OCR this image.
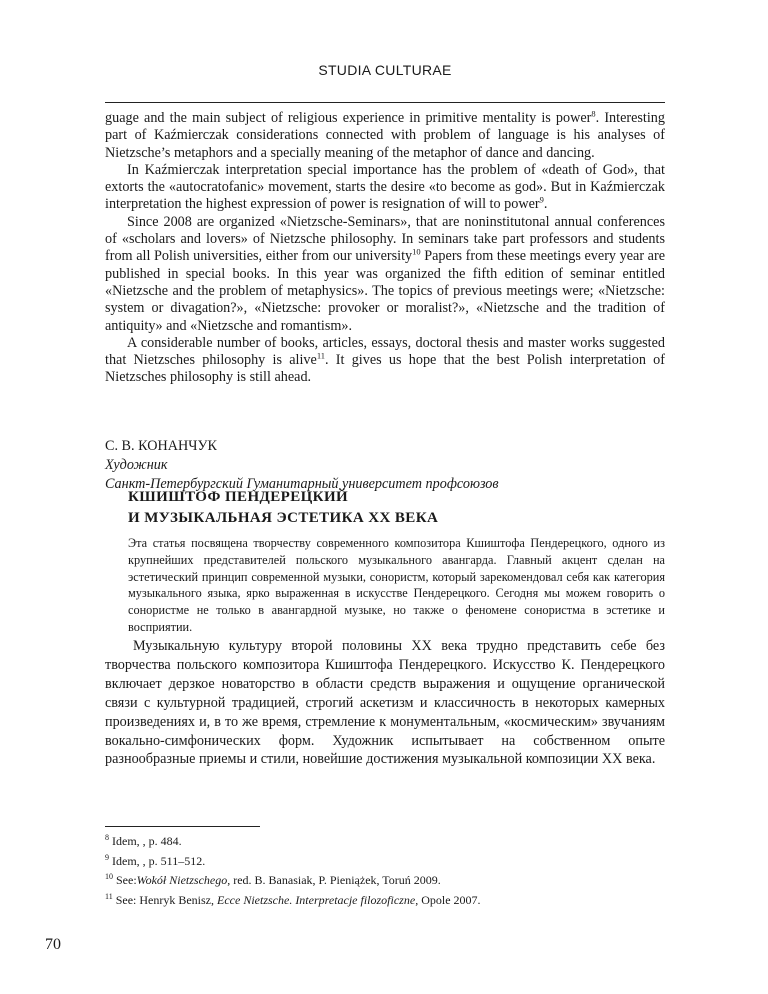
STUDIA CULTURAE

guage and the main subject of religious experience in primitive mentality is power$^8$. Interesting part of Kaźmierczak considerations connected with problem of language is his analyses of Nietzsche’s metaphors and a specially meaning of the metaphor of dance and dancing.

In Kaźmierczak interpretation special importance has the problem of «death of God», that extorts the «autocratofanic» movement, starts the desire «to become as god». But in Kaźmierczak interpretation the highest expression of power is resignation of will to power$^9$.

Since 2008 are organized «Nietzsche-Seminars», that are noninstitutonal annual conferences of «scholars and lovers» of Nietzsche philosophy. In seminars take part professors and students from all Polish universities, either from our university$^{10}$ Papers from these meetings every year are published in special books. In this year was organized the fifth edition of seminar entitled «Nietzsche and the problem of metaphysics». The topics of previous meetings were; «Nietzsche: system or divagation?», «Nietzsche: provoker or moralist?», «Nietzsche and the tradition of antiquity» and «Nietzsche and romantism».

A considerable number of books, articles, essays, doctoral thesis and master works suggested that Nietzsches philosophy is alive$^{11}$. It gives us hope that the best Polish interpretation of Nietzsches philosophy is still ahead.

С. В. КОНАНЧУК
Художник
Санкт-Петербургский Гуманитарный университет профсоюзов
КШИШТОФ ПЕНДЕРЕЦКИЙ
И МУЗЫКАЛЬНАЯ ЭСТЕТИКА XX ВЕКА
Эта статья посвящена творчеству современного композитора Кшиштофа Пендерецкого, одного из крупнейших представителей польского музыкального авангарда. Главный акцент сделан на эстетический принцип современной музыки, сонористм, который зарекомендовал себя как категория музыкального языка, ярко выраженная в искусстве Пендерецкого. Сегодня мы можем говорить о сонористме не только в авангардной музыке, но также о феномене сонористма в эстетике и восприятии.
Музыкальную культуру второй половины XX века трудно представить себе без творчества польского композитора Кшиштофа Пендерецкого. Искусство К. Пендерецкого включает дерзкое новаторство в области средств выражения и ощущение органической связи с культурной традицией, строгий аскетизм и классичность в некоторых камерных произведениях и, в то же время, стремление к монументальным, «космическим» звучаниям вокально-симфонических форм. Художник испытывает на собственном опыте разнообразные приемы и стили, новейшие достижения музыкальной композиции XX века.
$^8$ Idem, , p. 484.
$^9$ Idem, , p. 511–512.
$^{10}$ See:Wokół Nietzschego, red. B. Banasiak, P. Pieniążek, Toruń 2009.
$^{11}$ See: Henryk Benisz, Ecce Nietzsche. Interpretacje filozoficzne, Opole 2007.
70
